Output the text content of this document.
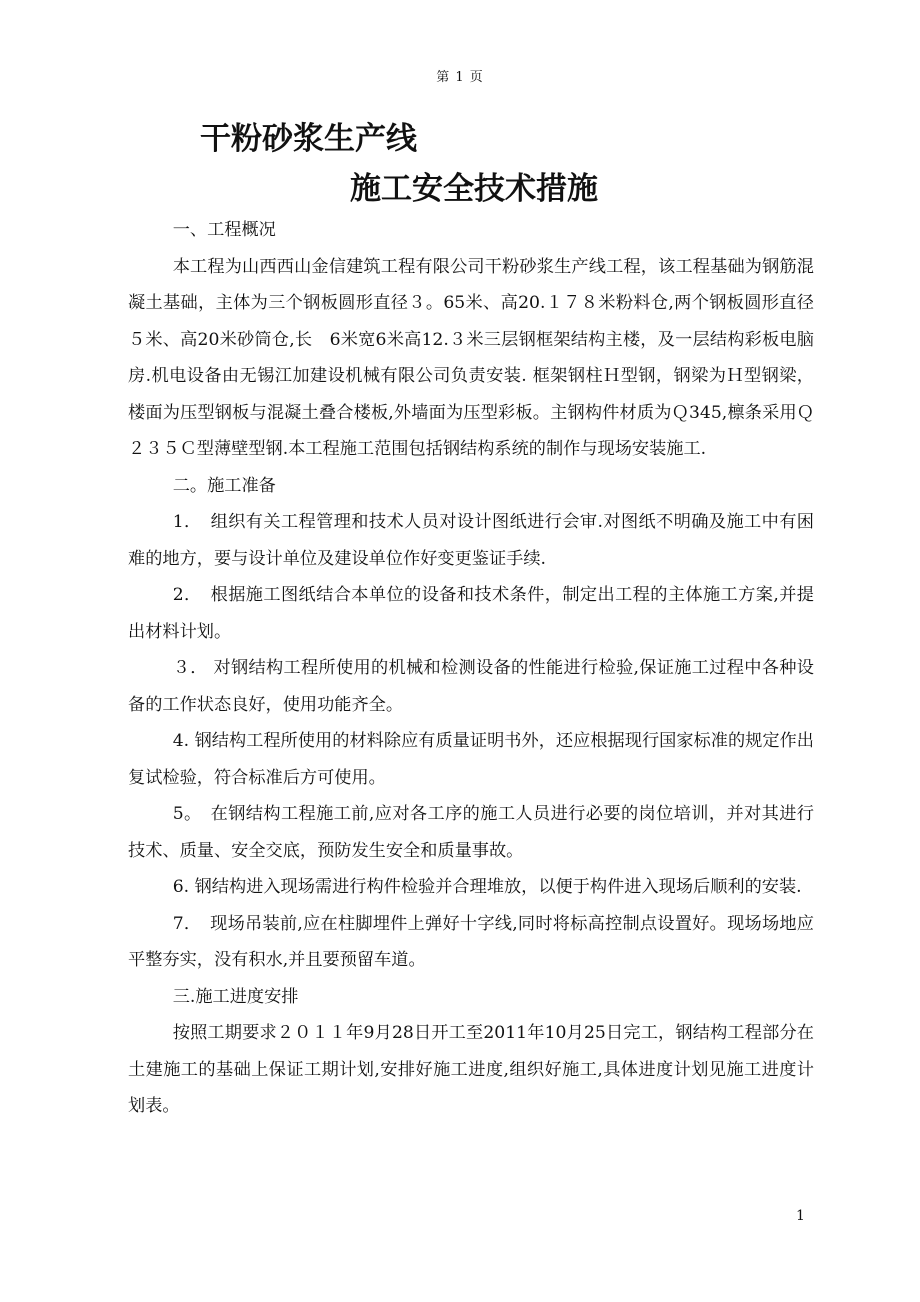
第 1 页
干粉砂浆生产线
施工安全技术措施

一、工程概况

本工程为山西西山金信建筑工程有限公司干粉砂浆生产线工程，该工程基础为钢筋混凝土基础，主体为三个钢板圆形直径３。65米、高20.１７８米粉料仓,两个钢板圆形直径５米、高20米砂筒仓,长　6米宽6米高12.３米三层钢框架结构主楼，及一层结构彩板电脑房.机电设备由无锡江加建设机械有限公司负责安装. 框架钢柱Ｈ型钢，钢梁为Ｈ型钢梁，楼面为压型钢板与混凝土叠合楼板,外墙面为压型彩板。主钢构件材质为Ｑ345,檩条采用Ｑ２３５Ｃ型薄壁型钢.本工程施工范围包括钢结构系统的制作与现场安装施工.

二。施工准备

1．　组织有关工程管理和技术人员对设计图纸进行会审.对图纸不明确及施工中有困难的地方，要与设计单位及建设单位作好变更鉴证手续.

2．　根据施工图纸结合本单位的设备和技术条件，制定出工程的主体施工方案,并提出材料计划。

３． 对钢结构工程所使用的机械和检测设备的性能进行检验,保证施工过程中各种设备的工作状态良好，使用功能齐全。

4. 钢结构工程所使用的材料除应有质量证明书外，还应根据现行国家标准的规定作出复试检验，符合标准后方可使用。

5。　在钢结构工程施工前,应对各工序的施工人员进行必要的岗位培训，并对其进行技术、质量、安全交底，预防发生安全和质量事故。

6. 钢结构进入现场需进行构件检验并合理堆放，以便于构件进入现场后顺利的安装.

7．　现场吊装前,应在柱脚埋件上弹好十字线,同时将标高控制点设置好。现场场地应平整夯实，没有积水,并且要预留车道。

三.施工进度安排

按照工期要求２０１１年9月28日开工至2011年10月25日完工，钢结构工程部分在土建施工的基础上保证工期计划,安排好施工进度,组织好施工,具体进度计划见施工进度计划表。

1
